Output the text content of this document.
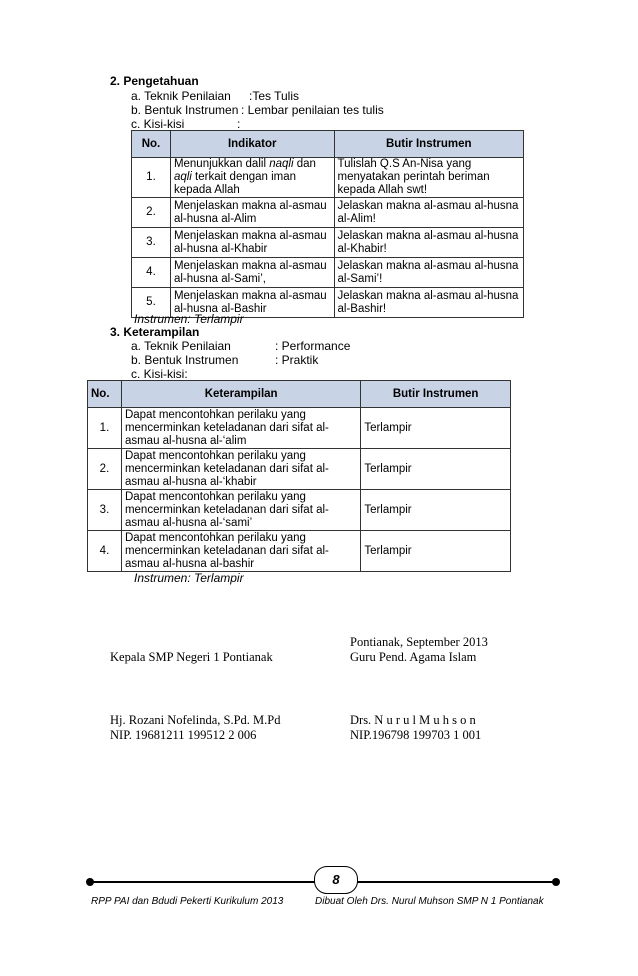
2. Pengetahuan
a. Teknik Penilaian :Tes Tulis
b. Bentuk Instrumen : Lembar penilaian tes tulis
c. Kisi-kisi	:
No.	Indikator	Butir Instrumen
1.	Menunjukkan dalil naqli dan
aqli terkait dengan iman
kepada Allah	Tulislah Q.S An-Nisa yang
menyatakan perintah beriman
kepada Allah swt!
2.	Menjelaskan makna al-asmau
al-husna al-Alim	Jelaskan makna al-asmau al-husna
al-Alim!
3.	Menjelaskan makna al-asmau
al-husna al-Khabir	Jelaskan makna al-asmau al-husna
al-Khabir!
4.	Menjelaskan makna al-asmau
al-husna al-Sami’,	Jelaskan makna al-asmau al-husna
al-Sami’!
5.	Menjelaskan makna al-asmau
al-husna al-Bashir	Jelaskan makna al-asmau al-husna
al-Bashir!
Instrumen: Terlampir
3. Keterampilan
a. Teknik Penilaian	: Performance
b. Bentuk Instrumen	: Praktik
c. Kisi-kisi:
No.	Keterampilan	Butir Instrumen
1.	Dapat mencontohkan perilaku yang
mencerminkan keteladanan dari sifat al-
asmau al-husna al-‘alim	Terlampir
2.	Dapat mencontohkan perilaku yang
mencerminkan keteladanan dari sifat al-
asmau al-husna al-‘khabir	Terlampir
3.	Dapat mencontohkan perilaku yang
mencerminkan keteladanan dari sifat al-
asmau al-husna al-‘sami’	Terlampir
4.	Dapat mencontohkan perilaku yang
mencerminkan keteladanan dari sifat al-
asmau al-husna al-bashir	Terlampir
Instrumen: Terlampir
Pontianak, September 2013
Kepala SMP Negeri 1 Pontianak	Guru Pend. Agama Islam
Hj. Rozani Nofelinda, S.Pd. M.Pd
NIP. 19681211 199512 2 006
Drs. N u r u l M u h s o n
NIP.196798 199703 1 001
8
RPP PAI dan Bdudi Pekerti Kurikulum 2013	Dibuat Oleh Drs. Nurul Muhson SMP N 1 Pontianak
